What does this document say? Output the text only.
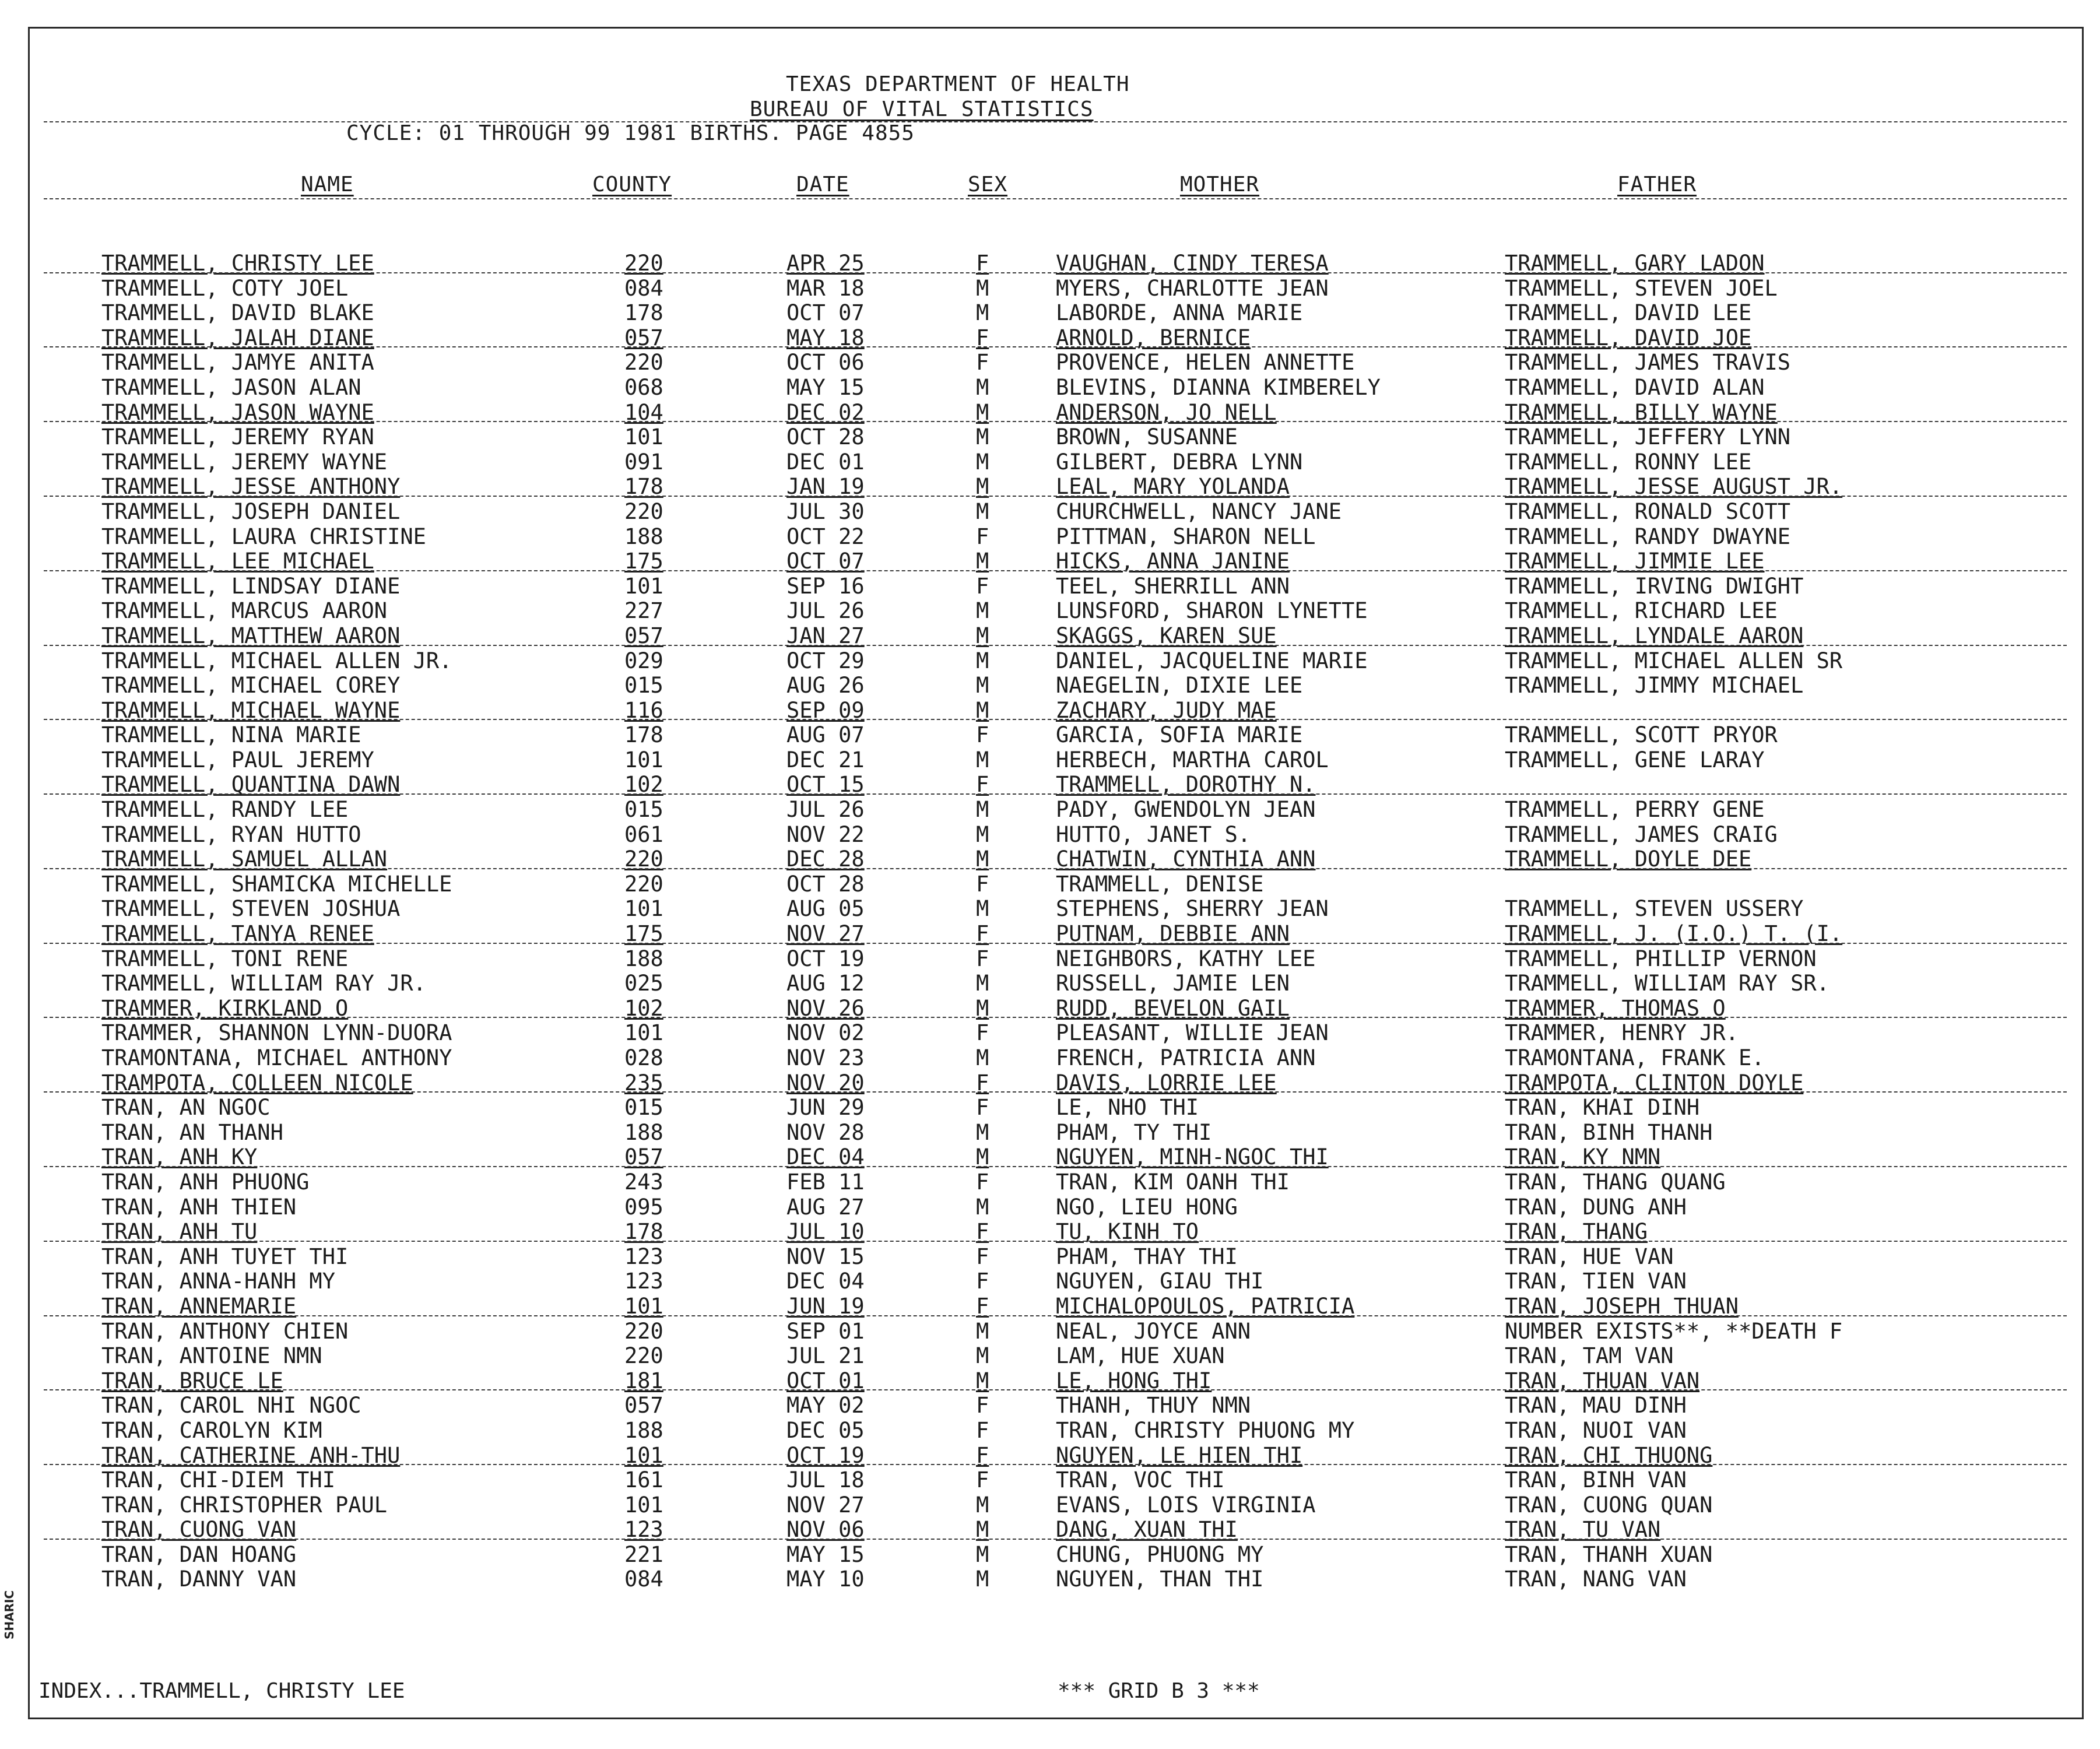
SHARIC
TEXAS DEPARTMENT OF HEALTH
BUREAU OF VITAL STATISTICS
CYCLE: 01 THROUGH 99 1981 BIRTHS. PAGE 4855
NAME	COUNTY	DATE	SEX	MOTHER	FATHER
TRAMMELL, CHRISTY LEE	220	APR 25	F	VAUGHAN, CINDY TERESA	TRAMMELL, GARY LADON
TRAMMELL, COTY JOEL	084	MAR 18	M	MYERS, CHARLOTTE JEAN	TRAMMELL, STEVEN JOEL
TRAMMELL, DAVID BLAKE	178	OCT 07	M	LABORDE, ANNA MARIE	TRAMMELL, DAVID LEE
TRAMMELL, JALAH DIANE	057	MAY 18	F	ARNOLD, BERNICE	TRAMMELL, DAVID JOE
TRAMMELL, JAMYE ANITA	220	OCT 06	F	PROVENCE, HELEN ANNETTE	TRAMMELL, JAMES TRAVIS
TRAMMELL, JASON ALAN	068	MAY 15	M	BLEVINS, DIANNA KIMBERELY	TRAMMELL, DAVID ALAN
TRAMMELL, JASON WAYNE	104	DEC 02	M	ANDERSON, JO NELL	TRAMMELL, BILLY WAYNE
TRAMMELL, JEREMY RYAN	101	OCT 28	M	BROWN, SUSANNE	TRAMMELL, JEFFERY LYNN
TRAMMELL, JEREMY WAYNE	091	DEC 01	M	GILBERT, DEBRA LYNN	TRAMMELL, RONNY LEE
TRAMMELL, JESSE ANTHONY	178	JAN 19	M	LEAL, MARY YOLANDA	TRAMMELL, JESSE AUGUST JR.
TRAMMELL, JOSEPH DANIEL	220	JUL 30	M	CHURCHWELL, NANCY JANE	TRAMMELL, RONALD SCOTT
TRAMMELL, LAURA CHRISTINE	188	OCT 22	F	PITTMAN, SHARON NELL	TRAMMELL, RANDY DWAYNE
TRAMMELL, LEE MICHAEL	175	OCT 07	M	HICKS, ANNA JANINE	TRAMMELL, JIMMIE LEE
TRAMMELL, LINDSAY DIANE	101	SEP 16	F	TEEL, SHERRILL ANN	TRAMMELL, IRVING DWIGHT
TRAMMELL, MARCUS AARON	227	JUL 26	M	LUNSFORD, SHARON LYNETTE	TRAMMELL, RICHARD LEE
TRAMMELL, MATTHEW AARON	057	JAN 27	M	SKAGGS, KAREN SUE	TRAMMELL, LYNDALE AARON
TRAMMELL, MICHAEL ALLEN JR.	029	OCT 29	M	DANIEL, JACQUELINE MARIE	TRAMMELL, MICHAEL ALLEN SR
TRAMMELL, MICHAEL COREY	015	AUG 26	M	NAEGELIN, DIXIE LEE	TRAMMELL, JIMMY MICHAEL
TRAMMELL, MICHAEL WAYNE	116	SEP 09	M	ZACHARY, JUDY MAE
TRAMMELL, NINA MARIE	178	AUG 07	F	GARCIA, SOFIA MARIE	TRAMMELL, SCOTT PRYOR
TRAMMELL, PAUL JEREMY	101	DEC 21	M	HERBECH, MARTHA CAROL	TRAMMELL, GENE LARAY
TRAMMELL, QUANTINA DAWN	102	OCT 15	F	TRAMMELL, DOROTHY N.
TRAMMELL, RANDY LEE	015	JUL 26	M	PADY, GWENDOLYN JEAN	TRAMMELL, PERRY GENE
TRAMMELL, RYAN HUTTO	061	NOV 22	M	HUTTO, JANET S.	TRAMMELL, JAMES CRAIG
TRAMMELL, SAMUEL ALLAN	220	DEC 28	M	CHATWIN, CYNTHIA ANN	TRAMMELL, DOYLE DEE
TRAMMELL, SHAMICKA MICHELLE	220	OCT 28	F	TRAMMELL, DENISE
TRAMMELL, STEVEN JOSHUA	101	AUG 05	M	STEPHENS, SHERRY JEAN	TRAMMELL, STEVEN USSERY
TRAMMELL, TANYA RENEE	175	NOV 27	F	PUTNAM, DEBBIE ANN	TRAMMELL, J. (I.O.) T. (I.
TRAMMELL, TONI RENE	188	OCT 19	F	NEIGHBORS, KATHY LEE	TRAMMELL, PHILLIP VERNON
TRAMMELL, WILLIAM RAY JR.	025	AUG 12	M	RUSSELL, JAMIE LEN	TRAMMELL, WILLIAM RAY SR.
TRAMMER, KIRKLAND O	102	NOV 26	M	RUDD, BEVELON GAIL	TRAMMER, THOMAS O
TRAMMER, SHANNON LYNN-DUORA	101	NOV 02	F	PLEASANT, WILLIE JEAN	TRAMMER, HENRY JR.
TRAMONTANA, MICHAEL ANTHONY	028	NOV 23	M	FRENCH, PATRICIA ANN	TRAMONTANA, FRANK E.
TRAMPOTA, COLLEEN NICOLE	235	NOV 20	F	DAVIS, LORRIE LEE	TRAMPOTA, CLINTON DOYLE
TRAN, AN NGOC	015	JUN 29	F	LE, NHO THI	TRAN, KHAI DINH
TRAN, AN THANH	188	NOV 28	M	PHAM, TY THI	TRAN, BINH THANH
TRAN, ANH KY	057	DEC 04	M	NGUYEN, MINH-NGOC THI	TRAN, KY NMN
TRAN, ANH PHUONG	243	FEB 11	F	TRAN, KIM OANH THI	TRAN, THANG QUANG
TRAN, ANH THIEN	095	AUG 27	M	NGO, LIEU HONG	TRAN, DUNG ANH
TRAN, ANH TU	178	JUL 10	F	TU, KINH TO	TRAN, THANG
TRAN, ANH TUYET THI	123	NOV 15	F	PHAM, THAY THI	TRAN, HUE VAN
TRAN, ANNA-HANH MY	123	DEC 04	F	NGUYEN, GIAU THI	TRAN, TIEN VAN
TRAN, ANNEMARIE	101	JUN 19	F	MICHALOPOULOS, PATRICIA	TRAN, JOSEPH THUAN
TRAN, ANTHONY CHIEN	220	SEP 01	M	NEAL, JOYCE ANN	NUMBER EXISTS**, **DEATH F
TRAN, ANTOINE NMN	220	JUL 21	M	LAM, HUE XUAN	TRAN, TAM VAN
TRAN, BRUCE LE	181	OCT 01	M	LE, HONG THI	TRAN, THUAN VAN
TRAN, CAROL NHI NGOC	057	MAY 02	F	THANH, THUY NMN	TRAN, MAU DINH
TRAN, CAROLYN KIM	188	DEC 05	F	TRAN, CHRISTY PHUONG MY	TRAN, NUOI VAN
TRAN, CATHERINE ANH-THU	101	OCT 19	F	NGUYEN, LE HIEN THI	TRAN, CHI THUONG
TRAN, CHI-DIEM THI	161	JUL 18	F	TRAN, VOC THI	TRAN, BINH VAN
TRAN, CHRISTOPHER PAUL	101	NOV 27	M	EVANS, LOIS VIRGINIA	TRAN, CUONG QUAN
TRAN, CUONG VAN	123	NOV 06	M	DANG, XUAN THI	TRAN, TU VAN
TRAN, DAN HOANG	221	MAY 15	M	CHUNG, PHUONG MY	TRAN, THANH XUAN
TRAN, DANNY VAN	084	MAY 10	M	NGUYEN, THAN THI	TRAN, NANG VAN
INDEX...TRAMMELL, CHRISTY LEE	*** GRID B 3 ***
